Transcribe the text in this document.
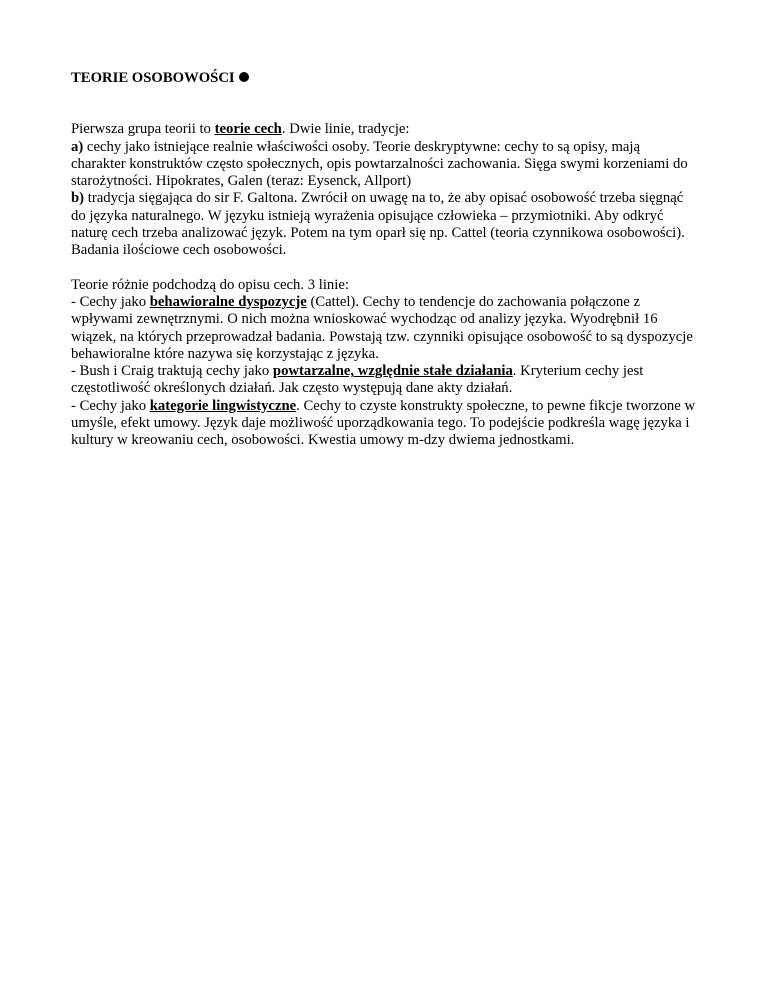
TEORIE OSOBOWOŚCI

Pierwsza grupa teorii to teorie cech. Dwie linie, tradycje:

a) cechy jako istniejące realnie właściwości osoby. Teorie deskryptywne: cechy to są opisy, mają charakter konstruktów często społecznych, opis powtarzalności zachowania. Sięga swymi korzeniami do starożytności. Hipokrates, Galen (teraz: Eysenck, Allport)

b) tradycja sięgająca do sir F. Galtona. Zwrócił on uwagę na to, że aby opisać osobowość trzeba sięgnąć do języka naturalnego. W języku istnieją wyrażenia opisujące człowieka – przymiotniki. Aby odkryć naturę cech trzeba analizować język. Potem na tym oparł się np. Cattel (teoria czynnikowa osobowości). Badania ilościowe cech osobowości.

Teorie różnie podchodzą do opisu cech. 3 linie:

- Cechy jako behawioralne dyspozycje (Cattel). Cechy to tendencje do zachowania połączone z wpływami zewnętrznymi. O nich można wnioskować wychodząc od analizy języka. Wyodrębnił 16 wiązek, na których przeprowadzał badania. Powstają tzw. czynniki opisujące osobowość to są dyspozycje behawioralne które nazywa się korzystając z języka.

- Bush i Craig traktują cechy jako powtarzalne, względnie stałe działania. Kryterium cechy jest częstotliwość określonych działań. Jak często występują dane akty działań.

- Cechy jako kategorie lingwistyczne. Cechy to czyste konstrukty społeczne, to pewne fikcje tworzone w umyśle, efekt umowy. Język daje możliwość uporządkowania tego. To podejście podkreśla wagę języka i kultury w kreowaniu cech, osobowości. Kwestia umowy m-dzy dwiema jednostkami.
